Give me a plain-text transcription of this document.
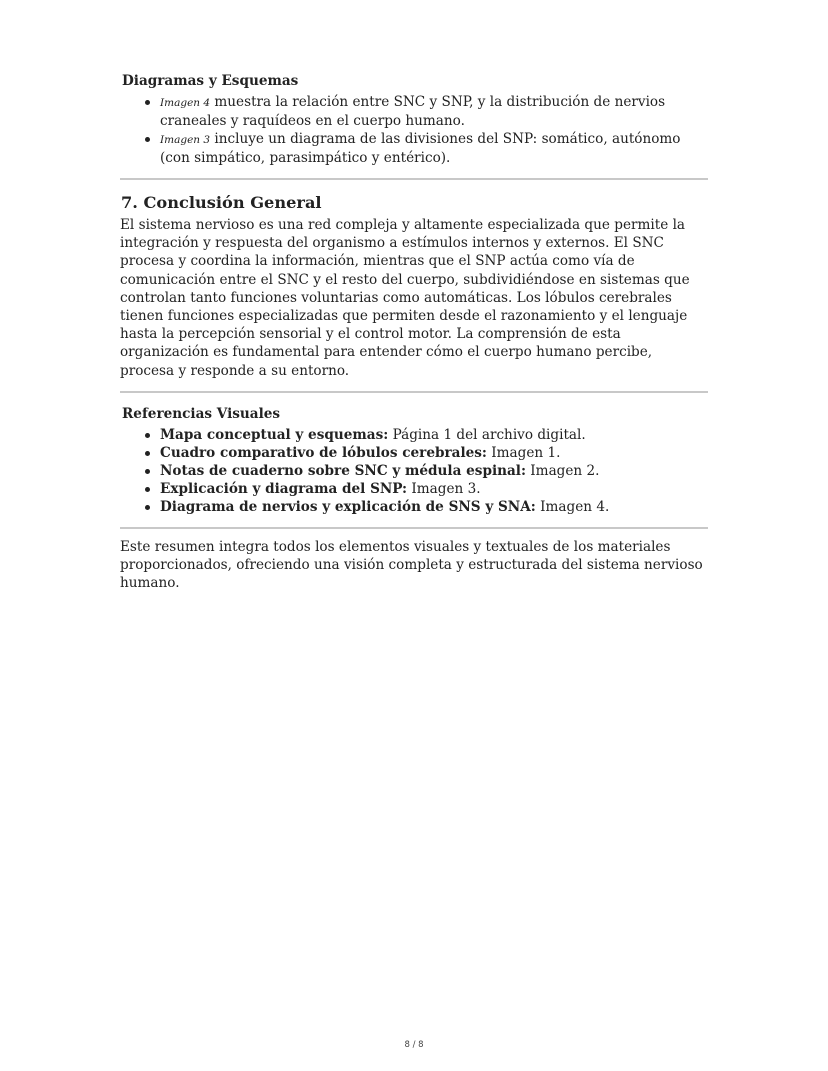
Diagramas y Esquemas
Imagen 4 muestra la relación entre SNC y SNP, y la distribución de nervios craneales y raquídeos en el cuerpo humano.
Imagen 3 incluye un diagrama de las divisiones del SNP: somático, autónomo (con simpático, parasimpático y entérico).
7. Conclusión General

El sistema nervioso es una red compleja y altamente especializada que permite la integración y respuesta del organismo a estímulos internos y externos. El SNC procesa y coordina la información, mientras que el SNP actúa como vía de comunicación entre el SNC y el resto del cuerpo, subdividiéndose en sistemas que controlan tanto funciones voluntarias como automáticas. Los lóbulos cerebrales tienen funciones especializadas que permiten desde el razonamiento y el lenguaje hasta la percepción sensorial y el control motor. La comprensión de esta organización es fundamental para entender cómo el cuerpo humano percibe, procesa y responde a su entorno.

Referencias Visuales
Mapa conceptual y esquemas: Página 1 del archivo digital.
Cuadro comparativo de lóbulos cerebrales: Imagen 1.
Notas de cuaderno sobre SNC y médula espinal: Imagen 2.
Explicación y diagrama del SNP: Imagen 3.
Diagrama de nervios y explicación de SNS y SNA: Imagen 4.

Este resumen integra todos los elementos visuales y textuales de los materiales proporcionados, ofreciendo una visión completa y estructurada del sistema nervioso humano.

8 / 8
